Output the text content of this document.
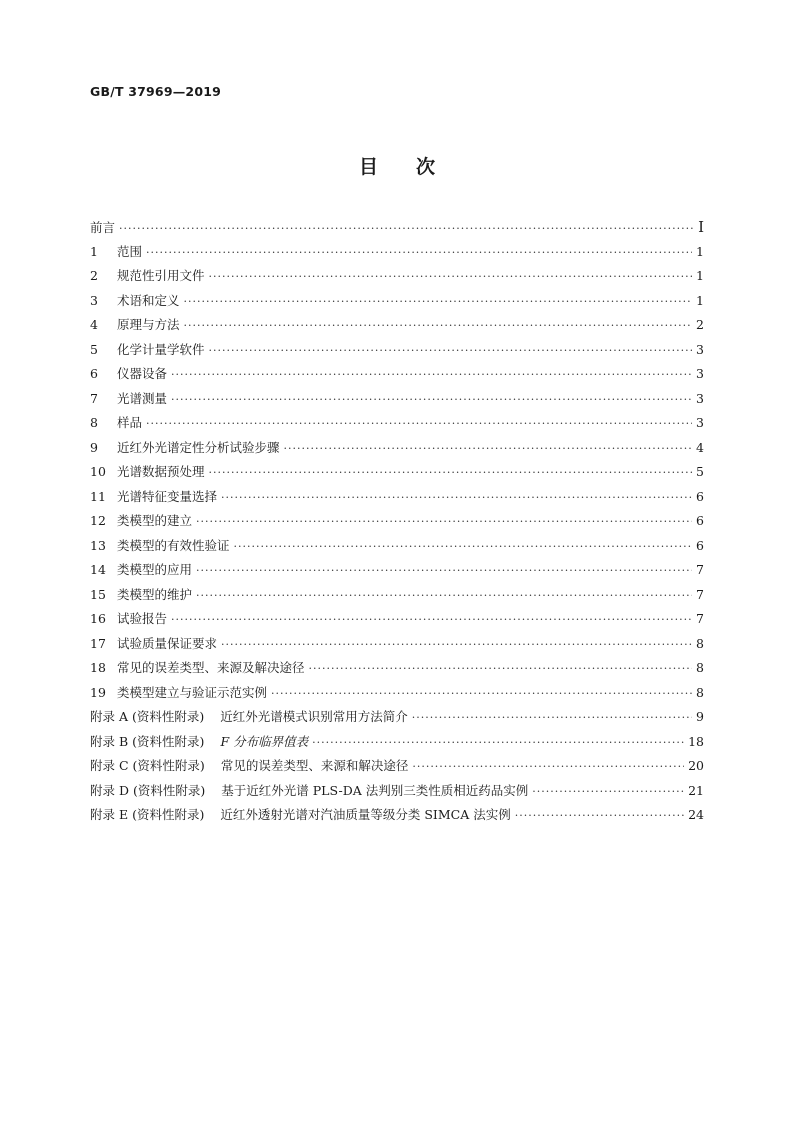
GB/T 37969—2019
目　　次
前言 ·····	Ⅰ
1	范围 ·····	1
2	规范性引用文件 ·····	1
3	术语和定义 ·····	1
4	原理与方法 ·····	2
5	化学计量学软件 ·····	3
6	仪器设备 ·····	3
7	光谱测量 ·····	3
8	样品 ·····	3
9	近红外光谱定性分析试验步骤 ·····	4
10 光谱数据预处理 ·····	5
11 光谱特征变量选择 ·····	6
12 类模型的建立 ·····	6
13 类模型的有效性验证 ·····	6
14 类模型的应用 ·····	7
15 类模型的维护 ·····	7
16 试验报告 ·····	7
17 试验质量保证要求 ·····	8
18 常见的误差类型、来源及解决途径 ·····	8
19 类模型建立与验证示范实例 ·····	8
附录 A (资料性附录) 近红外光谱模式识别常用方法简介 ·····	9
附录 B (资料性附录) F 分布临界值表 ·····	18
附录 C (资料性附录) 常见的误差类型、来源和解决途径 ·····	20
附录 D (资料性附录) 基于近红外光谱 PLS-DA 法判别三类性质相近药品实例 ·····	21
附录 E (资料性附录) 近红外透射光谱对汽油质量等级分类 SIMCA 法实例 ·····	24
